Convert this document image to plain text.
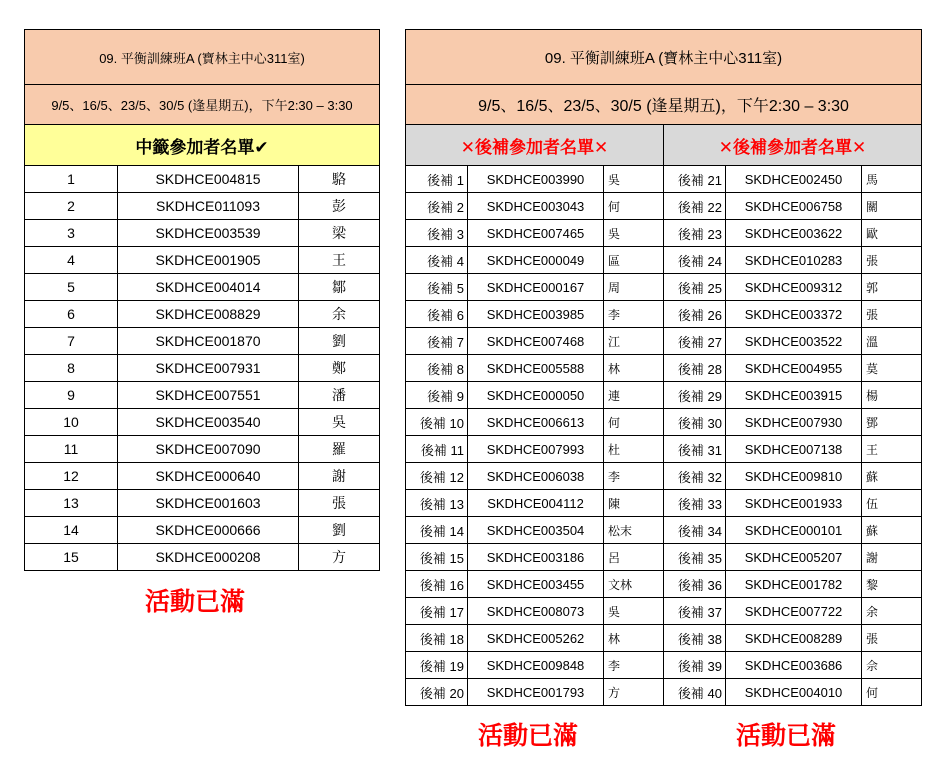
09. 平衡訓練班A (寶林主中心311室)		
9/5、16/5、23/5、30/5 (逢星期五)，下午2:30 – 3:30		
中籤參加者名單✔		
1	SKDHCE004815	駱
2	SKDHCE011093	彭
3	SKDHCE003539	梁
4	SKDHCE001905	王
5	SKDHCE004014	鄒
6	SKDHCE008829	余
7	SKDHCE001870	劉
8	SKDHCE007931	鄭
9	SKDHCE007551	潘
10	SKDHCE003540	吳
11	SKDHCE007090	羅
12	SKDHCE000640	謝
13	SKDHCE001603	張
14	SKDHCE000666	劉
15	SKDHCE000208	方
09. 平衡訓練班A (寶林主中心311室)					
9/5、16/5、23/5、30/5 (逢星期五)，下午2:30 – 3:30					
✕後補參加者名單✕			✕後補參加者名單✕		
後補 1	SKDHCE003990	吳	後補 21	SKDHCE002450	馬
後補 2	SKDHCE003043	何	後補 22	SKDHCE006758	關
後補 3	SKDHCE007465	吳	後補 23	SKDHCE003622	歐
後補 4	SKDHCE000049	區	後補 24	SKDHCE010283	張
後補 5	SKDHCE000167	周	後補 25	SKDHCE009312	郭
後補 6	SKDHCE003985	李	後補 26	SKDHCE003372	張
後補 7	SKDHCE007468	江	後補 27	SKDHCE003522	溫
後補 8	SKDHCE005588	林	後補 28	SKDHCE004955	莫
後補 9	SKDHCE000050	連	後補 29	SKDHCE003915	楊
後補 10	SKDHCE006613	何	後補 30	SKDHCE007930	鄧
後補 11	SKDHCE007993	杜	後補 31	SKDHCE007138	王
後補 12	SKDHCE006038	李	後補 32	SKDHCE009810	蘇
後補 13	SKDHCE004112	陳	後補 33	SKDHCE001933	伍
後補 14	SKDHCE003504	松末	後補 34	SKDHCE000101	蘇
後補 15	SKDHCE003186	呂	後補 35	SKDHCE005207	謝
後補 16	SKDHCE003455	文林	後補 36	SKDHCE001782	黎
後補 17	SKDHCE008073	吳	後補 37	SKDHCE007722	余
後補 18	SKDHCE005262	林	後補 38	SKDHCE008289	張
後補 19	SKDHCE009848	李	後補 39	SKDHCE003686	佘
後補 20	SKDHCE001793	方	後補 40	SKDHCE004010	何
活動已滿
活動已滿	活動已滿
